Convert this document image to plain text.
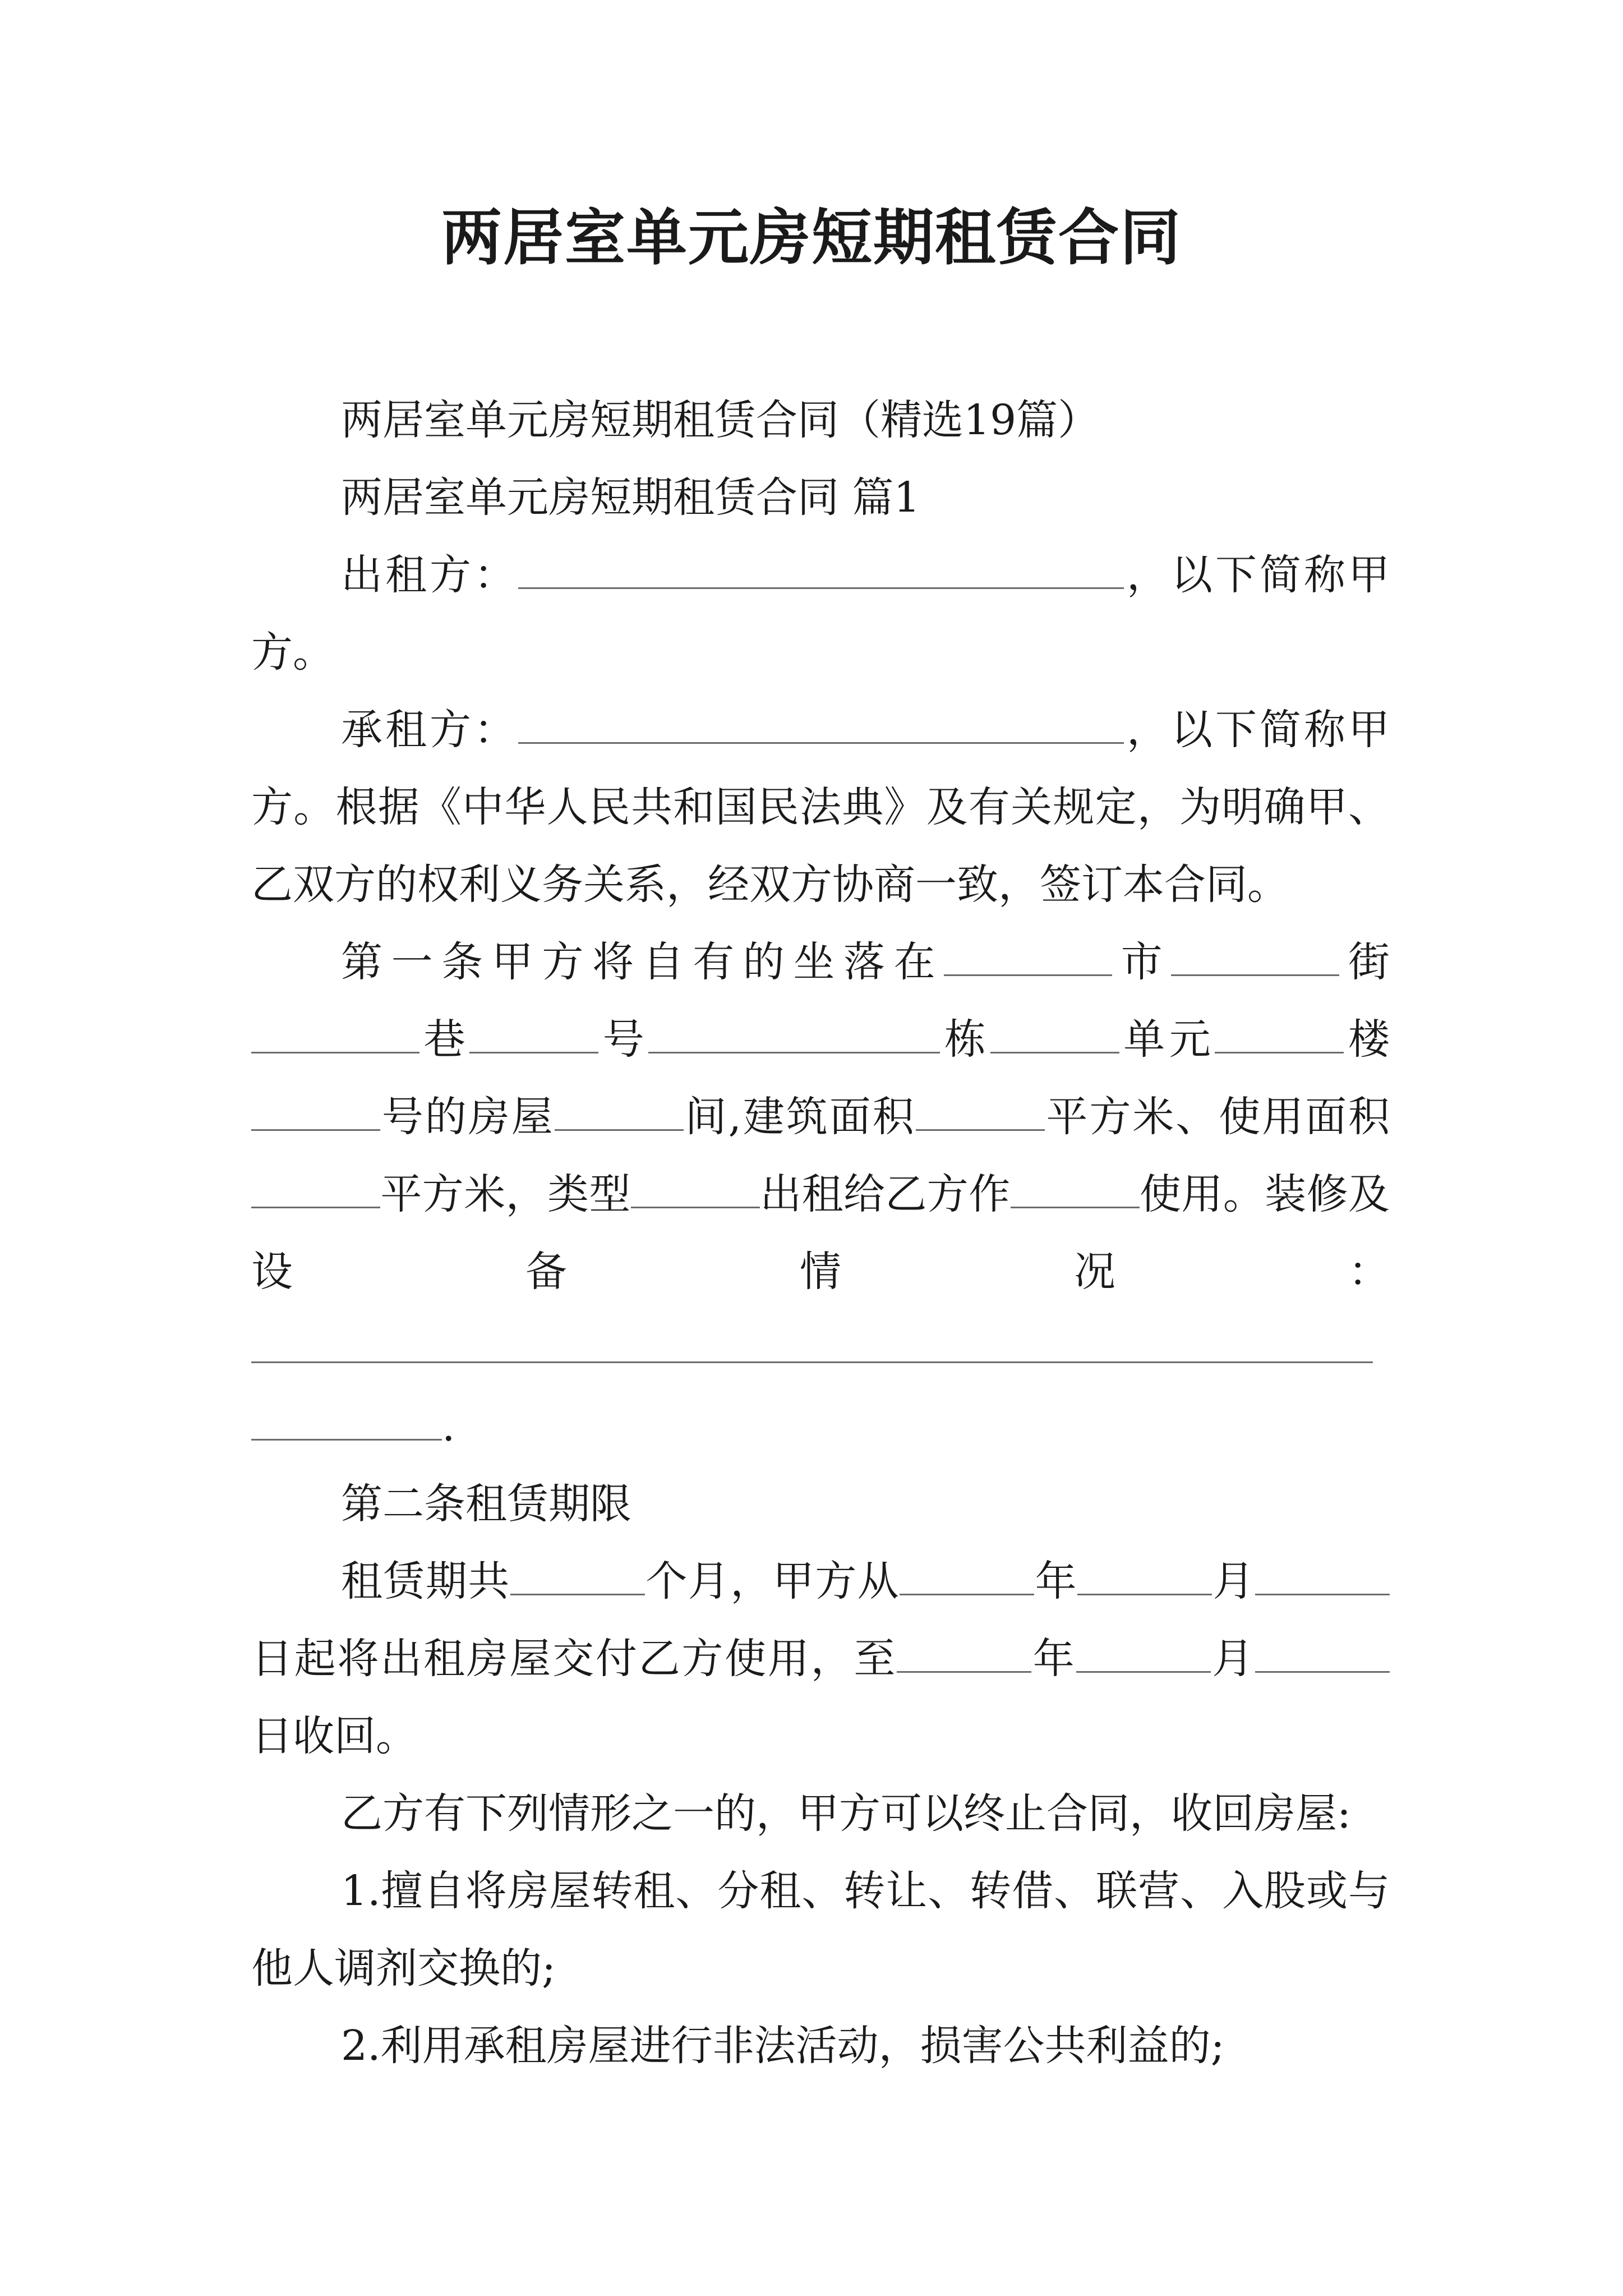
两居室单元房短期租赁合同

两居室单元房短期租赁合同（精选19篇）

两居室单元房短期租赁合同 篇1

出租方：	，以下简称甲方。

承租方：	，以下简称甲方。根据《中华人民共和国民法典》及有关规定，为明确甲、乙双方的权利义务关系，经双方协商一致，签订本合同。

第一条甲方将自有的坐落在	市	街巷	号	栋	单元	楼号的房屋	间,建筑面积	平方米、使用面积平方米，类型	出租给乙方作	使用。装修及设备情况：.

第二条租赁期限

租赁期共	个月，甲方从	年	月日起将出租房屋交付乙方使用，至	年	月日收回。

乙方有下列情形之一的，甲方可以终止合同，收回房屋:

1.擅自将房屋转租、分租、转让、转借、联营、入股或与他人调剂交换的;

2.利用承租房屋进行非法活动，损害公共利益的;
